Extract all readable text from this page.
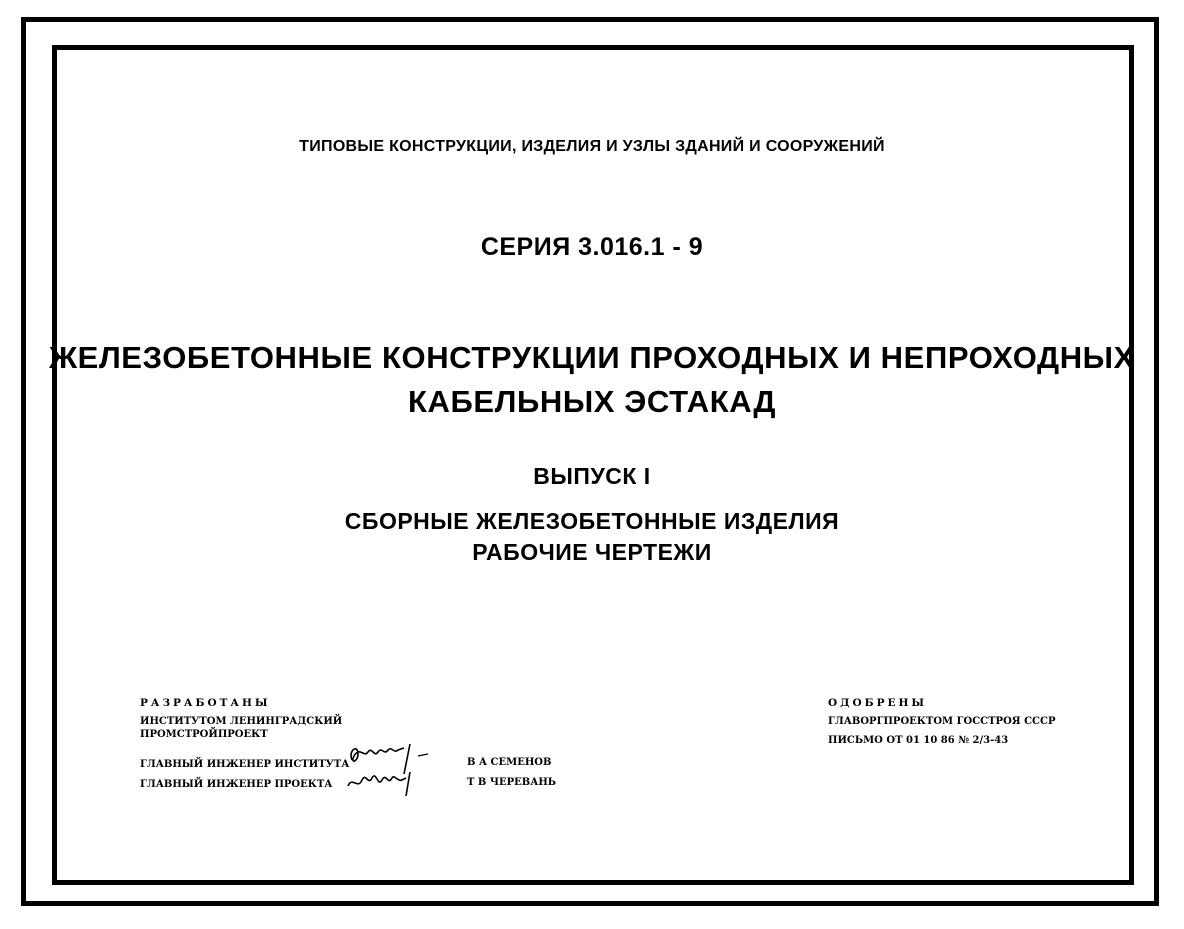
ТИПОВЫЕ КОНСТРУКЦИИ, ИЗДЕЛИЯ И УЗЛЫ ЗДАНИЙ И СООРУЖЕНИЙ
СЕРИЯ 3.016.1 - 9
ЖЕЛЕЗОБЕТОННЫЕ КОНСТРУКЦИИ ПРОХОДНЫХ И НЕПРОХОДНЫХ
КАБЕЛЬНЫХ ЭСТАКАД
ВЫПУСК I
СБОРНЫЕ ЖЕЛЕЗОБЕТОННЫЕ ИЗДЕЛИЯ
РАБОЧИЕ ЧЕРТЕЖИ
РАЗРАБОТАНЫ
ИНСТИТУТОМ ЛЕНИНГРАДСКИЙ
ПРОМСТРОЙПРОЕКТ
ГЛАВНЫЙ ИНЖЕНЕР ИНСТИТУТА
ГЛАВНЫЙ ИНЖЕНЕР ПРОЕКТА
В А СЕМЕНОВ
Т В ЧЕРЕВАНЬ
ОДОБРЕНЫ
ГЛАВОРГПРОЕКТОМ ГОССТРОЯ СССР
ПИСЬМО ОТ 01 10 86 № 2/3-43
